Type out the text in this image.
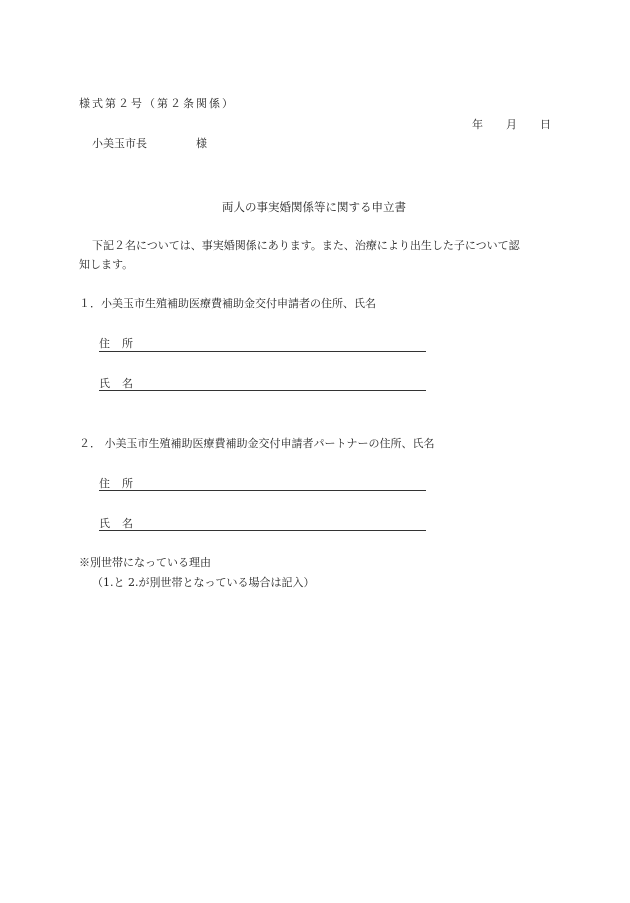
様式第２号（第２条関係）
年 月 日
小美玉市長	様
両人の事実婚関係等に関する申立書
下記２名については、事実婚関係にあります。また、治療により出生した子について認
知します。
１．小美玉市生殖補助医療費補助金交付申請者の住所、氏名
住所
氏名
２． 小美玉市生殖補助医療費補助金交付申請者パートナーの住所、氏名
住所
氏名
※別世帯になっている理由
（1.と 2.が別世帯となっている場合は記入）
